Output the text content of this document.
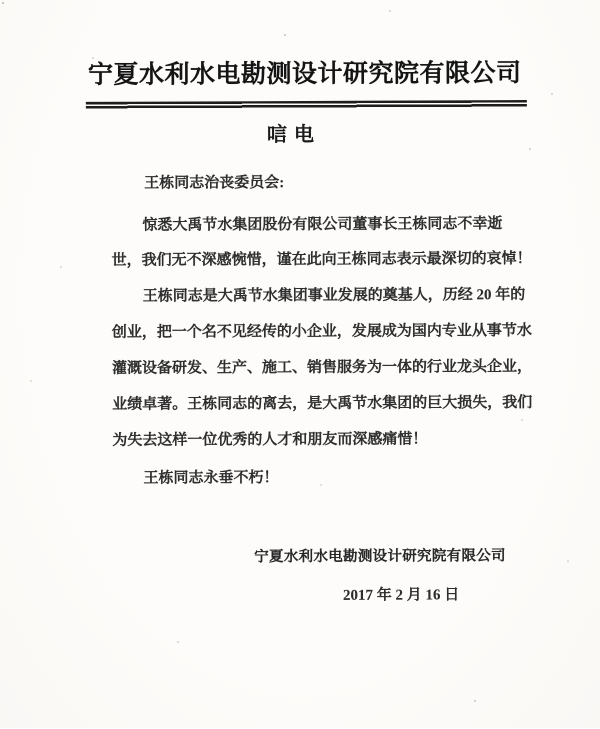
宁夏水利水电勘测设计研究院有限公司
唁 电
王栋同志治丧委员会:
惊悉大禹节水集团股份有限公司董事长王栋同志不幸逝
世，我们无不深感惋惜，谨在此向王栋同志表示最深切的哀悼！
王栋同志是大禹节水集团事业发展的奠基人，历经 20 年的
创业，把一个名不见经传的小企业，发展成为国内专业从事节水
灌溉设备研发、生产、施工、销售服务为一体的行业龙头企业，
业绩卓著。王栋同志的离去，是大禹节水集团的巨大损失，我们
为失去这样一位优秀的人才和朋友而深感痛惜！
王栋同志永垂不朽！
宁夏水利水电勘测设计研究院有限公司
2017 年 2 月 16 日
